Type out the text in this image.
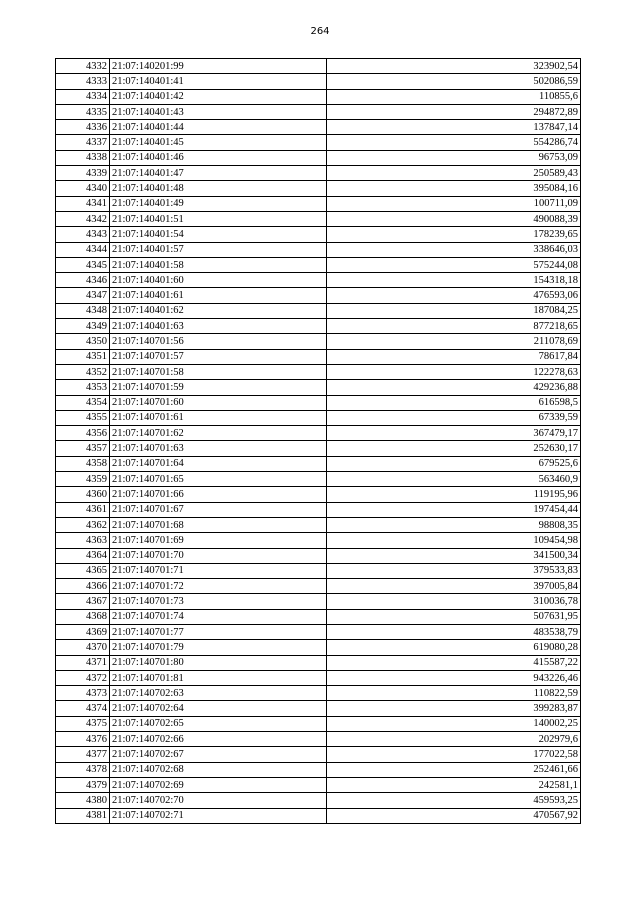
264
4332	21:07:140201:99	323902,54
4333	21:07:140401:41	502086,59
4334	21:07:140401:42	110855,6
4335	21:07:140401:43	294872,89
4336	21:07:140401:44	137847,14
4337	21:07:140401:45	554286,74
4338	21:07:140401:46	96753,09
4339	21:07:140401:47	250589,43
4340	21:07:140401:48	395084,16
4341	21:07:140401:49	100711,09
4342	21:07:140401:51	490088,39
4343	21:07:140401:54	178239,65
4344	21:07:140401:57	338646,03
4345	21:07:140401:58	575244,08
4346	21:07:140401:60	154318,18
4347	21:07:140401:61	476593,06
4348	21:07:140401:62	187084,25
4349	21:07:140401:63	877218,65
4350	21:07:140701:56	211078,69
4351	21:07:140701:57	78617,84
4352	21:07:140701:58	122278,63
4353	21:07:140701:59	429236,88
4354	21:07:140701:60	616598,5
4355	21:07:140701:61	67339,59
4356	21:07:140701:62	367479,17
4357	21:07:140701:63	252630,17
4358	21:07:140701:64	679525,6
4359	21:07:140701:65	563460,9
4360	21:07:140701:66	119195,96
4361	21:07:140701:67	197454,44
4362	21:07:140701:68	98808,35
4363	21:07:140701:69	109454,98
4364	21:07:140701:70	341500,34
4365	21:07:140701:71	379533,83
4366	21:07:140701:72	397005,84
4367	21:07:140701:73	310036,78
4368	21:07:140701:74	507631,95
4369	21:07:140701:77	483538,79
4370	21:07:140701:79	619080,28
4371	21:07:140701:80	415587,22
4372	21:07:140701:81	943226,46
4373	21:07:140702:63	110822,59
4374	21:07:140702:64	399283,87
4375	21:07:140702:65	140002,25
4376	21:07:140702:66	202979,6
4377	21:07:140702:67	177022,58
4378	21:07:140702:68	252461,66
4379	21:07:140702:69	242581,1
4380	21:07:140702:70	459593,25
4381	21:07:140702:71	470567,92
